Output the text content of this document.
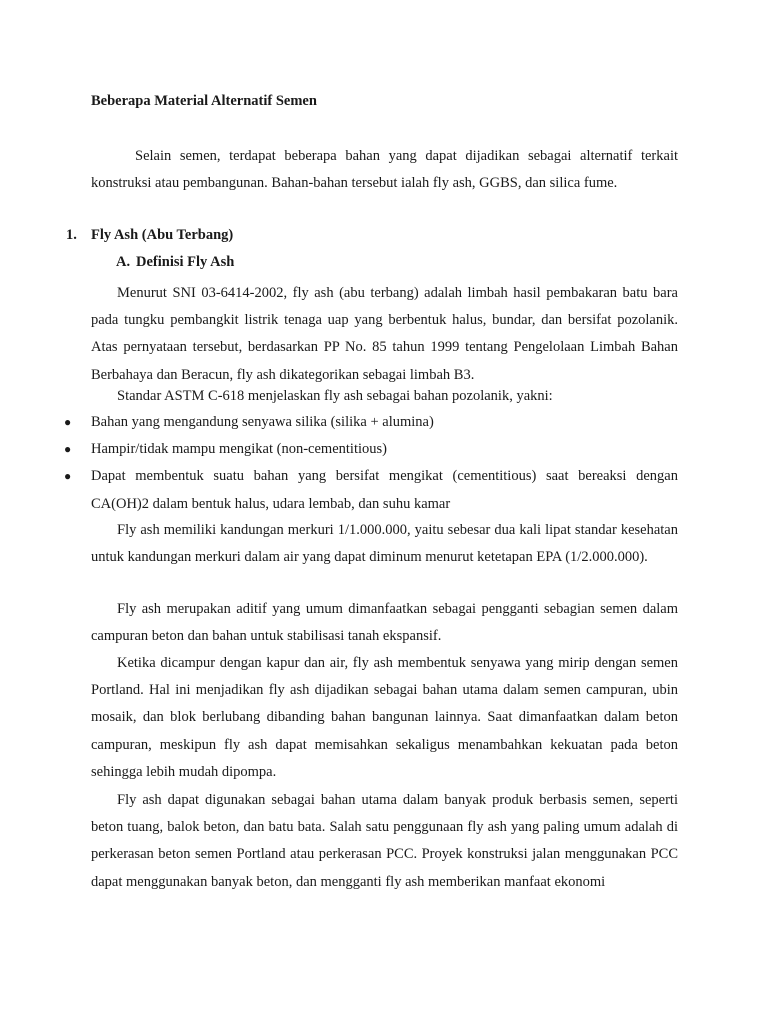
Beberapa Material Alternatif Semen

Selain semen, terdapat beberapa bahan yang dapat dijadikan sebagai alternatif terkait konstruksi atau pembangunan. Bahan-bahan tersebut ialah fly ash, GGBS, dan silica fume.

1. Fly Ash (Abu Terbang)
A. Definisi Fly Ash

Menurut SNI 03-6414-2002, fly ash (abu terbang) adalah limbah hasil pembakaran batu bara pada tungku pembangkit listrik tenaga uap yang berbentuk halus, bundar, dan bersifat pozolanik. Atas pernyataan tersebut, berdasarkan PP No. 85 tahun 1999 tentang Pengelolaan Limbah Bahan Berbahaya dan Beracun, fly ash dikategorikan sebagai limbah B3.

Standar ASTM C-618 menjelaskan fly ash sebagai bahan pozolanik, yakni:

●	Bahan yang mengandung senyawa silika (silika + alumina)
●	Hampir/tidak mampu mengikat (non-cementitious)
●	Dapat membentuk suatu bahan yang bersifat mengikat (cementitious) saat bereaksi dengan CA(OH)2 dalam bentuk halus, udara lembab, dan suhu kamar

Fly ash memiliki kandungan merkuri 1/1.000.000, yaitu sebesar dua kali lipat standar kesehatan untuk kandungan merkuri dalam air yang dapat diminum menurut ketetapan EPA (1/2.000.000).

Fly ash merupakan aditif yang umum dimanfaatkan sebagai pengganti sebagian semen dalam campuran beton dan bahan untuk stabilisasi tanah ekspansif.

Ketika dicampur dengan kapur dan air, fly ash membentuk senyawa yang mirip dengan semen Portland. Hal ini menjadikan fly ash dijadikan sebagai bahan utama dalam semen campuran, ubin mosaik, dan blok berlubang dibanding bahan bangunan lainnya. Saat dimanfaatkan dalam beton campuran, meskipun fly ash dapat memisahkan sekaligus menambahkan kekuatan pada beton sehingga lebih mudah dipompa.

Fly ash dapat digunakan sebagai bahan utama dalam banyak produk berbasis semen, seperti beton tuang, balok beton, dan batu bata. Salah satu penggunaan fly ash yang paling umum adalah di perkerasan beton semen Portland atau perkerasan PCC. Proyek konstruksi jalan menggunakan PCC dapat menggunakan banyak beton, dan mengganti fly ash memberikan manfaat ekonomi
